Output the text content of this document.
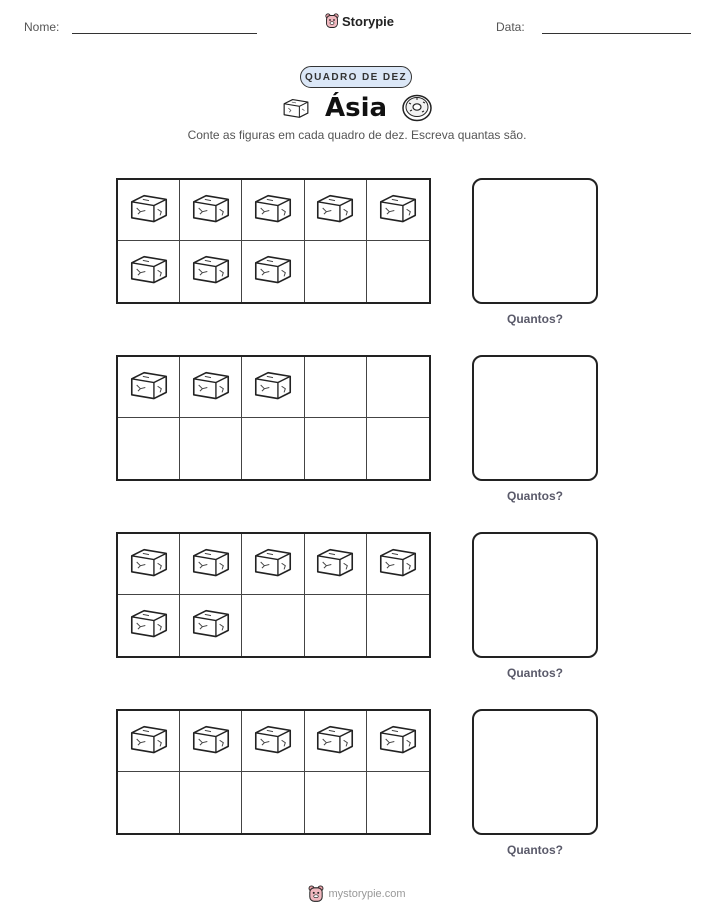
Nome:	Storypie	Data:
QUADRO DE DEZ
Ásia
Conte as figuras em cada quadro de dez. Escreva quantas são.
Quantos?
Quantos?
Quantos?
Quantos?
mystorypie.com
